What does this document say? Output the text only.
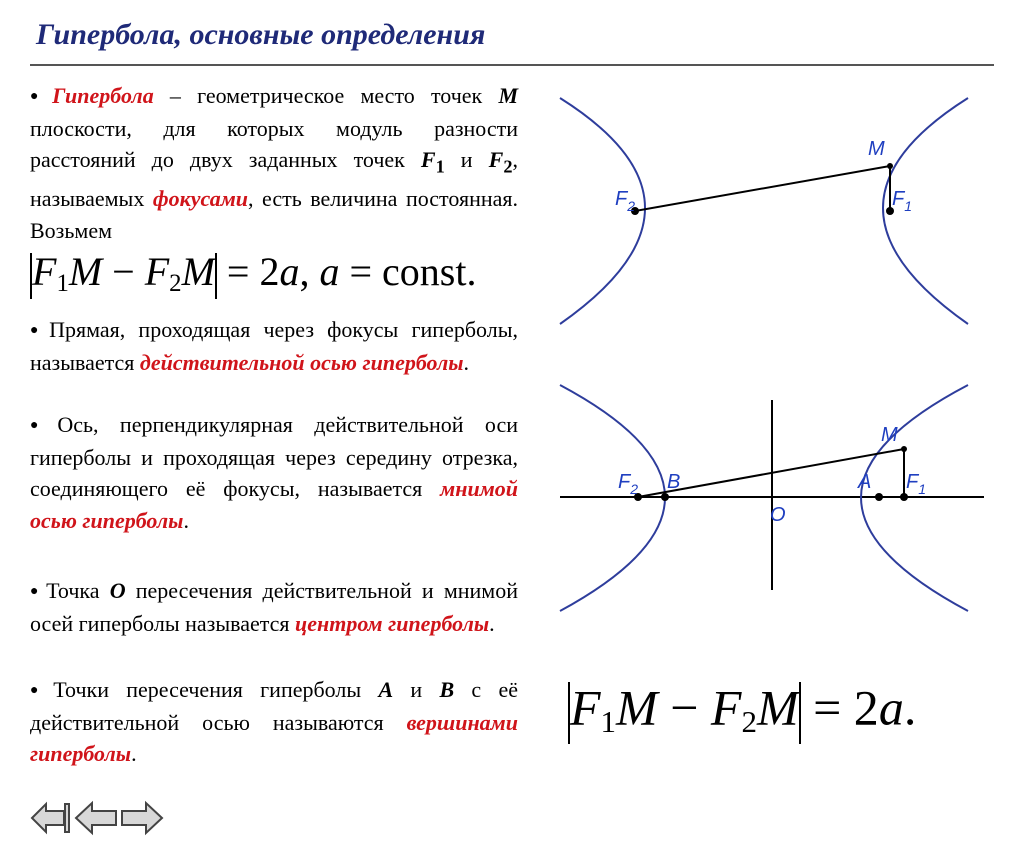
Гипербола, основные определения
● Гипербола – геометрическое место точек M плоскости, для которых модуль разности расстояний до двух заданных точек $F_1$ и $F_2$, называемых фокусами, есть величина постоянная. Возьмем
$F_1M - F_2M = 2a$, a = const.
● Прямая, проходящая через фокусы гиперболы, называется действительной осью гиперболы.
● Ось, перпендикулярная действительной оси гиперболы и проходящая через середину отрезка, соединяющего её фокусы, называется мнимой осью гиперболы.
● Точка O пересечения действительной и мнимой осей гиперболы называется центром гиперболы.
● Точки пересечения гиперболы A и B с её действительной осью называются вершинами гиперболы.
M
$F_2$	$F_1$
M
$F_2$ B
O
A $F_1$
$F_1M - F_2M = 2a$.
